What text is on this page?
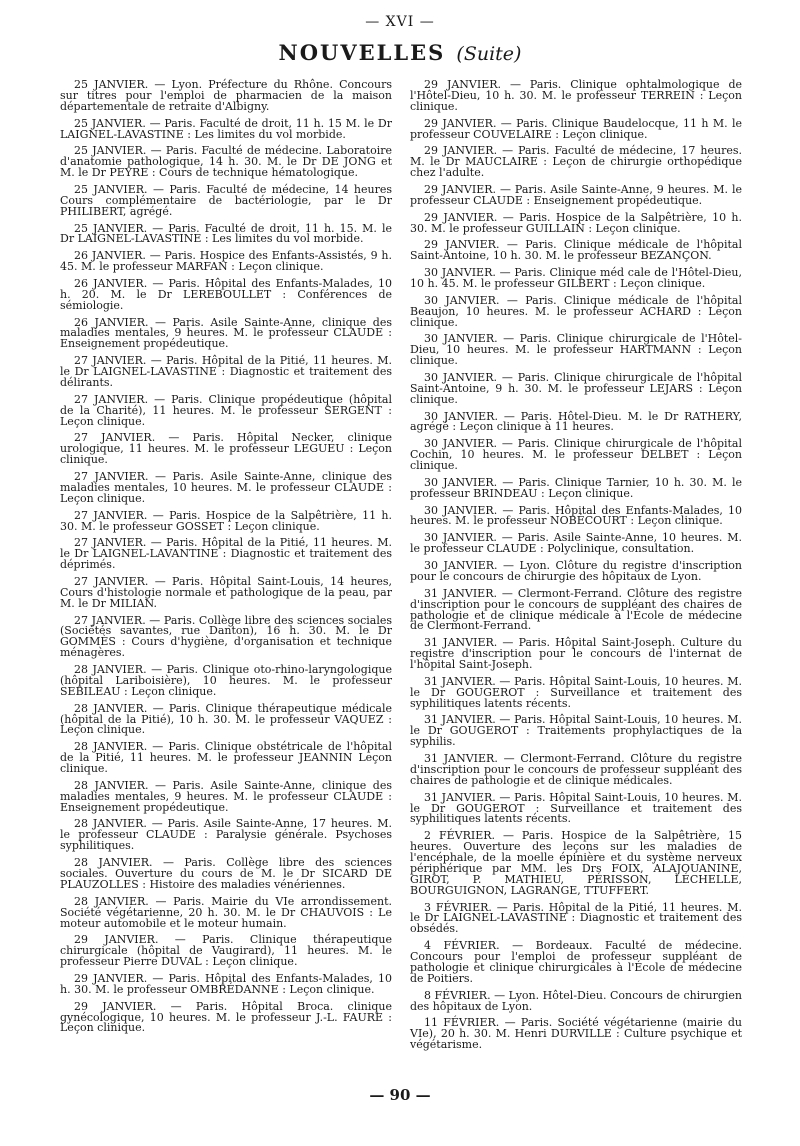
— XVI —
NOUVELLES (Suite)

25 JANVIER. — Lyon. Préfecture du Rhône. Concours sur titres pour l'emploi de pharmacien de la maison départementale de retraite d'Albigny.

25 JANVIER. — Paris. Faculté de droit, 11 h. 15 M. le Dr LAIGNEL-LAVASTINE : Les limites du vol morbide.

25 JANVIER. — Paris. Faculté de médecine. Laboratoire d'anatomie pathologique, 14 h. 30. M. le Dr DE JONG et M. le Dr PEYRE : Cours de technique hématologique.

25 JANVIER. — Paris. Faculté de médecine, 14 heures Cours complémentaire de bactériologie, par le Dr PHILIBERT, agrégé.

25 JANVIER. — Paris. Faculté de droit, 11 h. 15. M. le Dr LAIGNEL-LAVASTINE : Les limites du vol morbide.

26 JANVIER. — Paris. Hospice des Enfants-Assistés, 9 h. 45. M. le professeur MARFAN : Leçon clinique.

26 JANVIER. — Paris. Hôpital des Enfants-Malades, 10 h. 20. M. le Dr LEREBOULLET : Conférences de sémiologie.

26 JANVIER. — Paris. Asile Sainte-Anne, clinique des maladies mentales, 9 heures. M. le professeur CLAUDE : Enseignement propédeutique.

27 JANVIER. — Paris. Hôpital de la Pitié, 11 heures. M. le Dr LAIGNEL-LAVASTINE : Diagnostic et traitement des délirants.

27 JANVIER. — Paris. Clinique propédeutique (hôpital de la Charité), 11 heures. M. le professeur SERGENT : Leçon clinique.

27 JANVIER. — Paris. Hôpital Necker, clinique urologique, 11 heures. M. le professeur LEGUEU : Leçon clinique.

27 JANVIER. — Paris. Asile Sainte-Anne, clinique des maladies mentales, 10 heures. M. le professeur CLAUDE : Leçon clinique.

27 JANVIER. — Paris. Hospice de la Salpêtrière, 11 h. 30. M. le professeur GOSSET : Leçon clinique.

27 JANVIER. — Paris. Hôpital de la Pitié, 11 heures. M. le Dr LAIGNEL-LAVANTINE : Diagnostic et traitement des déprimés.

27 JANVIER. — Paris. Hôpital Saint-Louis, 14 heures, Cours d'histologie normale et pathologique de la peau, par M. le Dr MILIAN.

27 JANVIER. — Paris. Collège libre des sciences sociales (Sociétés savantes, rue Danton), 16 h. 30. M. le Dr GOMMÈS : Cours d'hygiène, d'organisation et technique ménagères.

28 JANVIER. — Paris. Clinique oto-rhino-laryngologique (hôpital Lariboisière), 10 heures. M. le professeur SEBILEAU : Leçon clinique.

28 JANVIER. — Paris. Clinique thérapeutique médicale (hôpital de la Pitié), 10 h. 30. M. le professeur VAQUEZ : Leçon clinique.

28 JANVIER. — Paris. Clinique obstétricale de l'hôpital de la Pitié, 11 heures. M. le professeur JEANNIN Leçon clinique.

28 JANVIER. — Paris. Asile Sainte-Anne, clinique des maladies mentales, 9 heures. M. le professeur CLAUDE : Enseignement propédeutique.

28 JANVIER. — Paris. Asile Sainte-Anne, 17 heures. M. le professeur CLAUDE : Paralysie générale. Psychoses syphilitiques.

28 JANVIER. — Paris. Collège libre des sciences sociales. Ouverture du cours de M. le Dr SICARD DE PLAUZOLLES : Histoire des maladies vénériennes.

28 JANVIER. — Paris. Mairie du VIe arrondissement. Société végétarienne, 20 h. 30. M. le Dr CHAUVOIS : Le moteur automobile et le moteur humain.

29 JANVIER. — Paris. Clinique thérapeutique chirurgicale (hôpital de Vaugirard), 11 heures. M. le professeur Pierre DUVAL : Leçon clinique.

29 JANVIER. — Paris. Hôpital des Enfants-Malades, 10 h. 30. M. le professeur OMBRÉDANNE : Leçon clinique.

29 JANVIER. — Paris. Hôpital Broca. clinique gynécologique, 10 heures. M. le professeur J.-L. FAURE : Leçon clinique.

29 JANVIER. — Paris. Clinique ophtalmologique de l'Hôtel-Dieu, 10 h. 30. M. le professeur TERREIN : Leçon clinique.

29 JANVIER. — Paris. Clinique Baudelocque, 11 h M. le professeur COUVELAIRE : Leçon clinique.

29 JANVIER. — Paris. Faculté de médecine, 17 heures. M. le Dr MAUCLAIRE : Leçon de chirurgie orthopédique chez l'adulte.

29 JANVIER. — Paris. Asile Sainte-Anne, 9 heures. M. le professeur CLAUDE : Enseignement propédeutique.

29 JANVIER. — Paris. Hospice de la Salpêtrière, 10 h. 30. M. le professeur GUILLAIN : Leçon clinique.

29 JANVIER. — Paris. Clinique médicale de l'hôpital Saint-Antoine, 10 h. 30. M. le professeur BEZANÇON.

30 JANVIER. — Paris. Clinique méd cale de l'Hôtel-Dieu, 10 h. 45. M. le professeur GILBERT : Leçon clinique.

30 JANVIER. — Paris. Clinique médicale de l'hôpital Beaujon, 10 heures. M. le professeur ACHARD : Leçon clinique.

30 JANVIER. — Paris. Clinique chirurgicale de l'Hôtel-Dieu, 10 heures. M. le professeur HARTMANN : Leçon clinique.

30 JANVIER. — Paris. Clinique chirurgicale de l'hôpital Saint-Antoine, 9 h. 30. M. le professeur LEJARS : Leçon clinique.

30 JANVIER. — Paris. Hôtel-Dieu. M. le Dr RATHERY, agrégé : Leçon clinique à 11 heures.

30 JANVIER. — Paris. Clinique chirurgicale de l'hôpital Cochin, 10 heures. M. le professeur DELBET : Leçon clinique.

30 JANVIER. — Paris. Clinique Tarnier, 10 h. 30. M. le professeur BRINDEAU : Leçon clinique.

30 JANVIER. — Paris. Hôpital des Enfants-Malades, 10 heures. M. le professeur NOBÉCOURT : Leçon clinique.

30 JANVIER. — Paris. Asile Sainte-Anne, 10 heures. M. le professeur CLAUDE : Polyclinique, consultation.

30 JANVIER. — Lyon. Clôture du registre d'inscription pour le concours de chirurgie des hôpitaux de Lyon.

31 JANVIER. — Clermont-Ferrand. Clôture des registre d'inscription pour le concours de suppléant des chaires de pathologie et de clinique médicale à l'École de médecine de Clermont-Ferrand.

31 JANVIER. — Paris. Hôpital Saint-Joseph. Culture du registre d'inscription pour le concours de l'internat de l'hôpital Saint-Joseph.

31 JANVIER. — Paris. Hôpital Saint-Louis, 10 heures. M. le Dr GOUGEROT : Surveillance et traitement des syphilitiques latents récents.

31 JANVIER. — Paris. Hôpital Saint-Louis, 10 heures. M. le Dr GOUGEROT : Traitements prophylactiques de la syphilis.

31 JANVIER. — Clermont-Ferrand. Clôture du registre d'inscription pour le concours de professeur suppléant des chaires de pathologie et de clinique médicales.

31 JANVIER. — Paris. Hôpital Saint-Louis, 10 heures. M. le Dr GOUGEROT : Surveillance et traitement des syphilitiques latents récents.

2 FÉVRIER. — Paris. Hospice de la Salpêtrière, 15 heures. Ouverture des leçons sur les maladies de l'encéphale, de la moelle épinière et du système nerveux périphérique par MM. les Drs FOIX, ALAJOUANINE, GIROT, P. MATHIEU, PÉRISSON, LÉCHELLE, BOURGUIGNON, LAGRANGE, TTUFFERT.

3 FÉVRIER. — Paris. Hôpital de la Pitié, 11 heures. M. le Dr LAIGNEL-LAVASTINE : Diagnostic et traitement des obsédés.

4 FÉVRIER. — Bordeaux. Faculté de médecine. Concours pour l'emploi de professeur suppléant de pathologie et clinique chirurgicales à l'École de médecine de Poitiers.

8 FÉVRIER. — Lyon. Hôtel-Dieu. Concours de chirurgien des hôpitaux de Lyon.

11 FÉVRIER. — Paris. Société végétarienne (mairie du VIe), 20 h. 30. M. Henri DURVILLE : Culture psychique et végétarisme.

— 90 —
